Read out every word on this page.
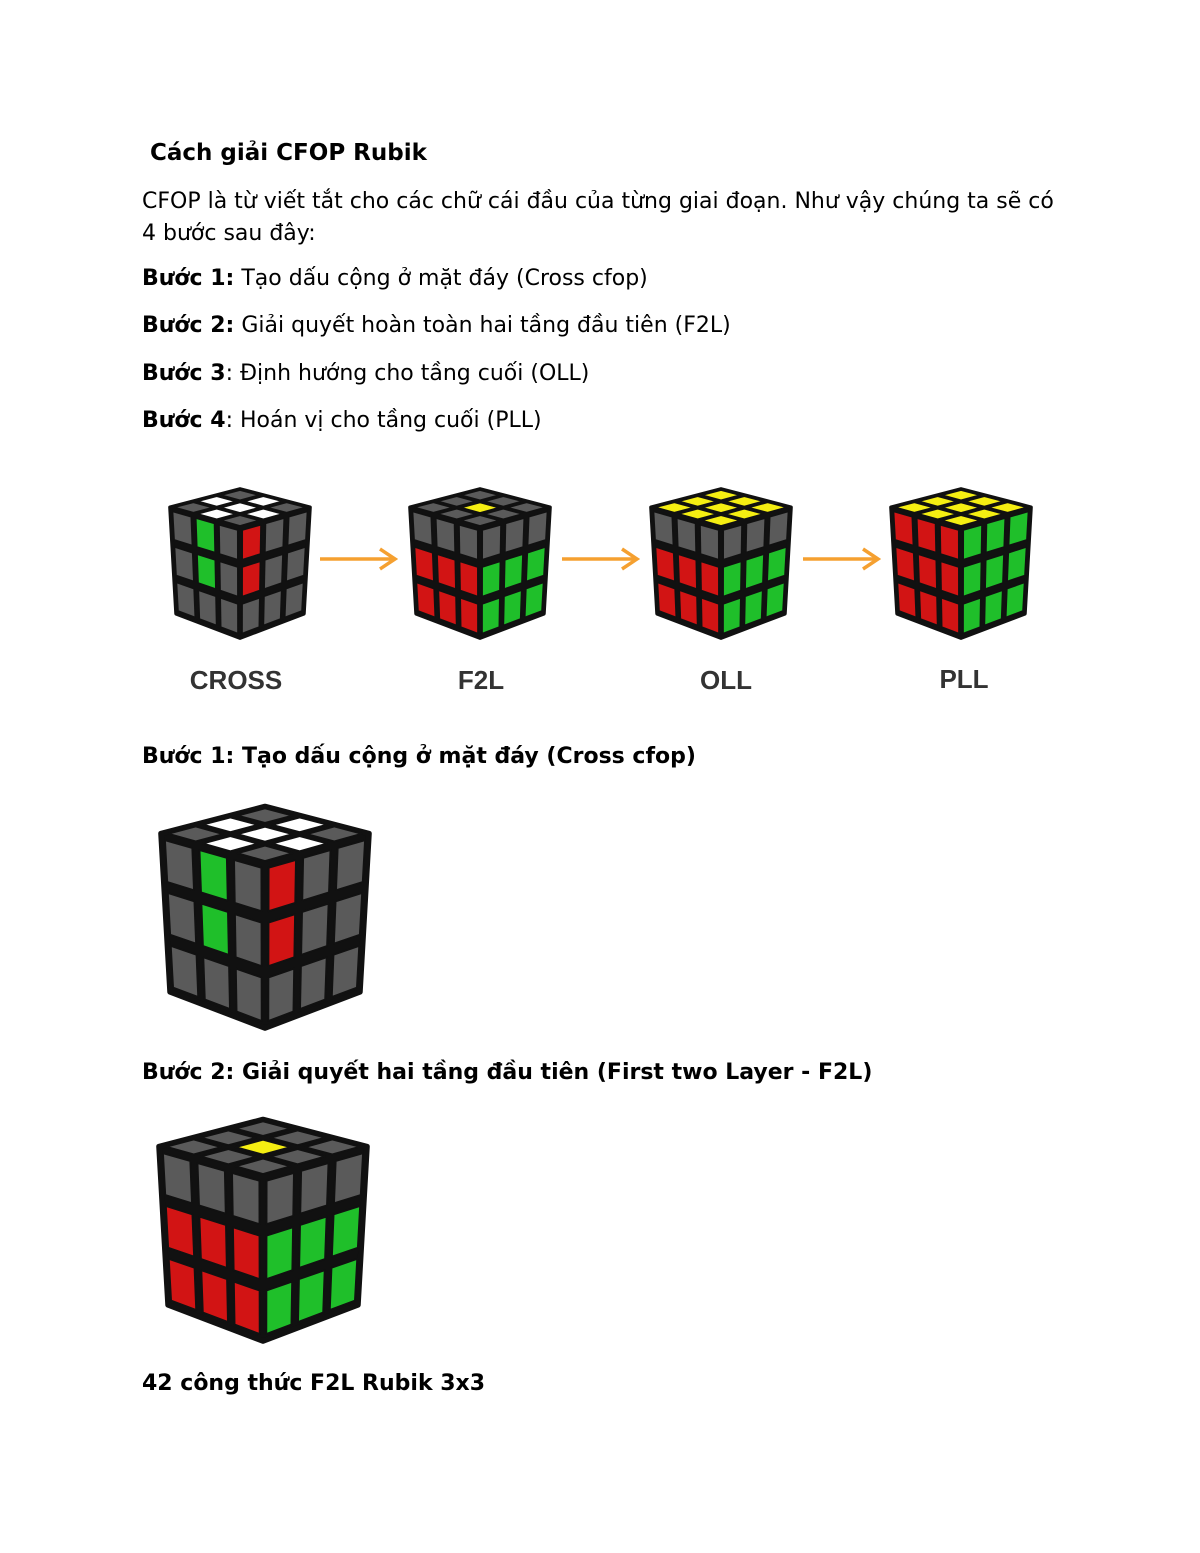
Cách giải CFOP Rubik
CFOP là từ viết tắt cho các chữ cái đầu của từng giai đoạn. Như vậy chúng ta sẽ có 4 bước sau đây:
Bước 1: Tạo dấu cộng ở mặt đáy (Cross cfop)
Bước 2: Giải quyết hoàn toàn hai tầng đầu tiên (F2L)
Bước 3: Định hướng cho tầng cuối (OLL)
Bước 4: Hoán vị cho tầng cuối (PLL)
CROSS	F2L	OLL	PLL
Bước 1: Tạo dấu cộng ở mặt đáy (Cross cfop)
Bước 2: Giải quyết hai tầng đầu tiên (First two Layer - F2L)
42 công thức F2L Rubik 3x3
